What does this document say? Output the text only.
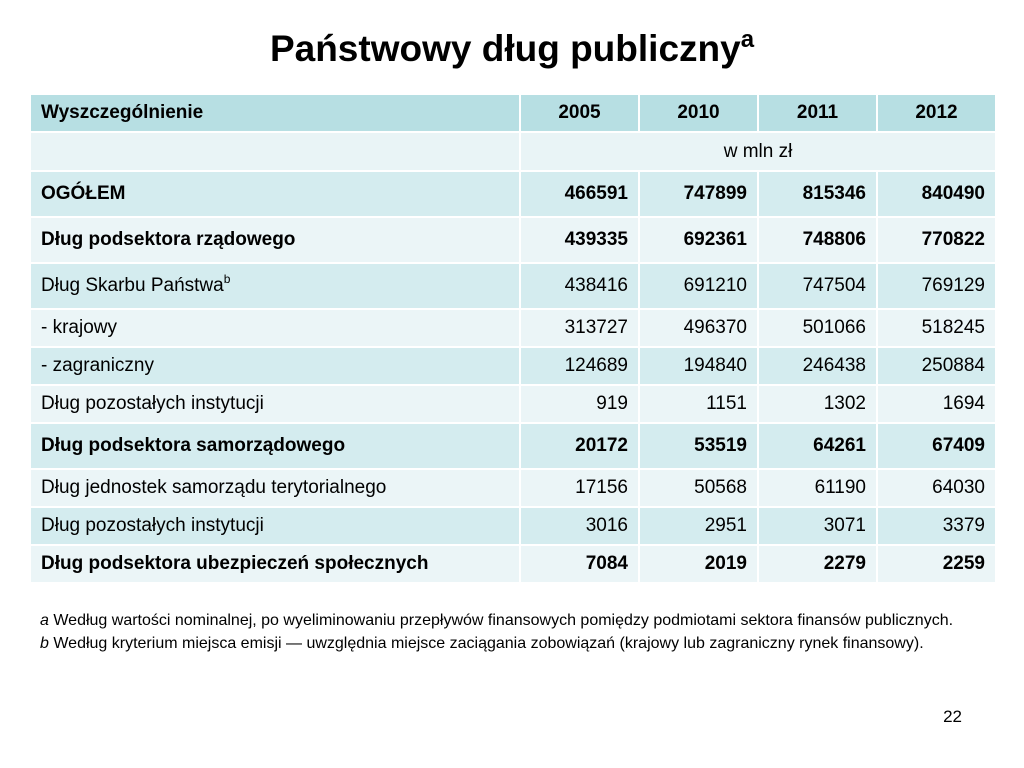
Państwowy dług publiczny$^a$
Wyszczególnienie	2005	2010	2011	2012
	w mln zł			
OGÓŁEM	466591	747899	815346	840490
Dług podsektora rządowego	439335	692361	748806	770822
Dług Skarbu Państwa$^b$	438416	691210	747504	769129
- krajowy	313727	496370	501066	518245
- zagraniczny	124689	194840	246438	250884
Dług pozostałych instytucji	919	1151	1302	1694
Dług podsektora samorządowego	20172	53519	64261	67409
Dług jednostek samorządu terytorialnego	17156	50568	61190	64030
Dług pozostałych instytucji	3016	2951	3071	3379
Dług podsektora ubezpieczeń społecznych	7084	2019	2279	2259

a Według wartości nominalnej, po wyeliminowaniu przepływów finansowych pomiędzy podmiotami sektora finansów publicznych.

b Według kryterium miejsca emisji — uwzględnia miejsce zaciągania zobowiązań (krajowy lub zagraniczny rynek finansowy).

22
